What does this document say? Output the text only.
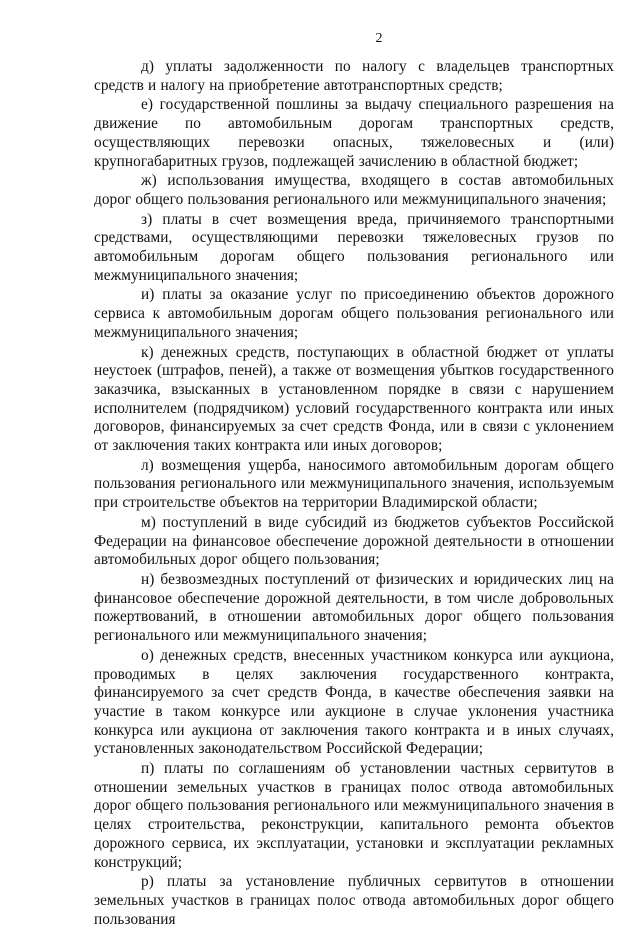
2

д) уплаты задолженности по налогу с владельцев транспортных средств и налогу на приобретение автотранспортных средств;

е) государственной пошлины за выдачу специального разрешения на движение по автомобильным дорогам транспортных средств, осуществляющих перевозки опасных, тяжеловесных и (или) крупногабаритных грузов, подлежащей зачислению в областной бюджет;

ж) использования имущества, входящего в состав автомобильных дорог общего пользования регионального или межмуниципального значения;

з) платы в счет возмещения вреда, причиняемого транспортными средствами, осуществляющими перевозки тяжеловесных грузов по автомобильным дорогам общего пользования регионального или межмуниципального значения;

и) платы за оказание услуг по присоединению объектов дорожного сервиса к автомобильным дорогам общего пользования регионального или межмуниципального значения;

к) денежных средств, поступающих в областной бюджет от уплаты неустоек (штрафов, пеней), а также от возмещения убытков государственного заказчика, взысканных в установленном порядке в связи с нарушением исполнителем (подрядчиком) условий государственного контракта или иных договоров, финансируемых за счет средств Фонда, или в связи с уклонением от заключения таких контракта или иных договоров;

л) возмещения ущерба, наносимого автомобильным дорогам общего пользования регионального или межмуниципального значения, используемым при строительстве объектов на территории Владимирской области;

м) поступлений в виде субсидий из бюджетов субъектов Российской Федерации на финансовое обеспечение дорожной деятельности в отношении автомобильных дорог общего пользования;

н) безвозмездных поступлений от физических и юридических лиц на финансовое обеспечение дорожной деятельности, в том числе добровольных пожертвований, в отношении автомобильных дорог общего пользования регионального или межмуниципального значения;

о) денежных средств, внесенных участником конкурса или аукциона, проводимых в целях заключения государственного контракта, финансируемого за счет средств Фонда, в качестве обеспечения заявки на участие в таком конкурсе или аукционе в случае уклонения участника конкурса или аукциона от заключения такого контракта и в иных случаях, установленных законодательством Российской Федерации;

п) платы по соглашениям об установлении частных сервитутов в отношении земельных участков в границах полос отвода автомобильных дорог общего пользования регионального или межмуниципального значения в целях строительства, реконструкции, капитального ремонта объектов дорожного сервиса, их эксплуатации, установки и эксплуатации рекламных конструкций;

р) платы за установление публичных сервитутов в отношении земельных участков в границах полос отвода автомобильных дорог общего пользования
